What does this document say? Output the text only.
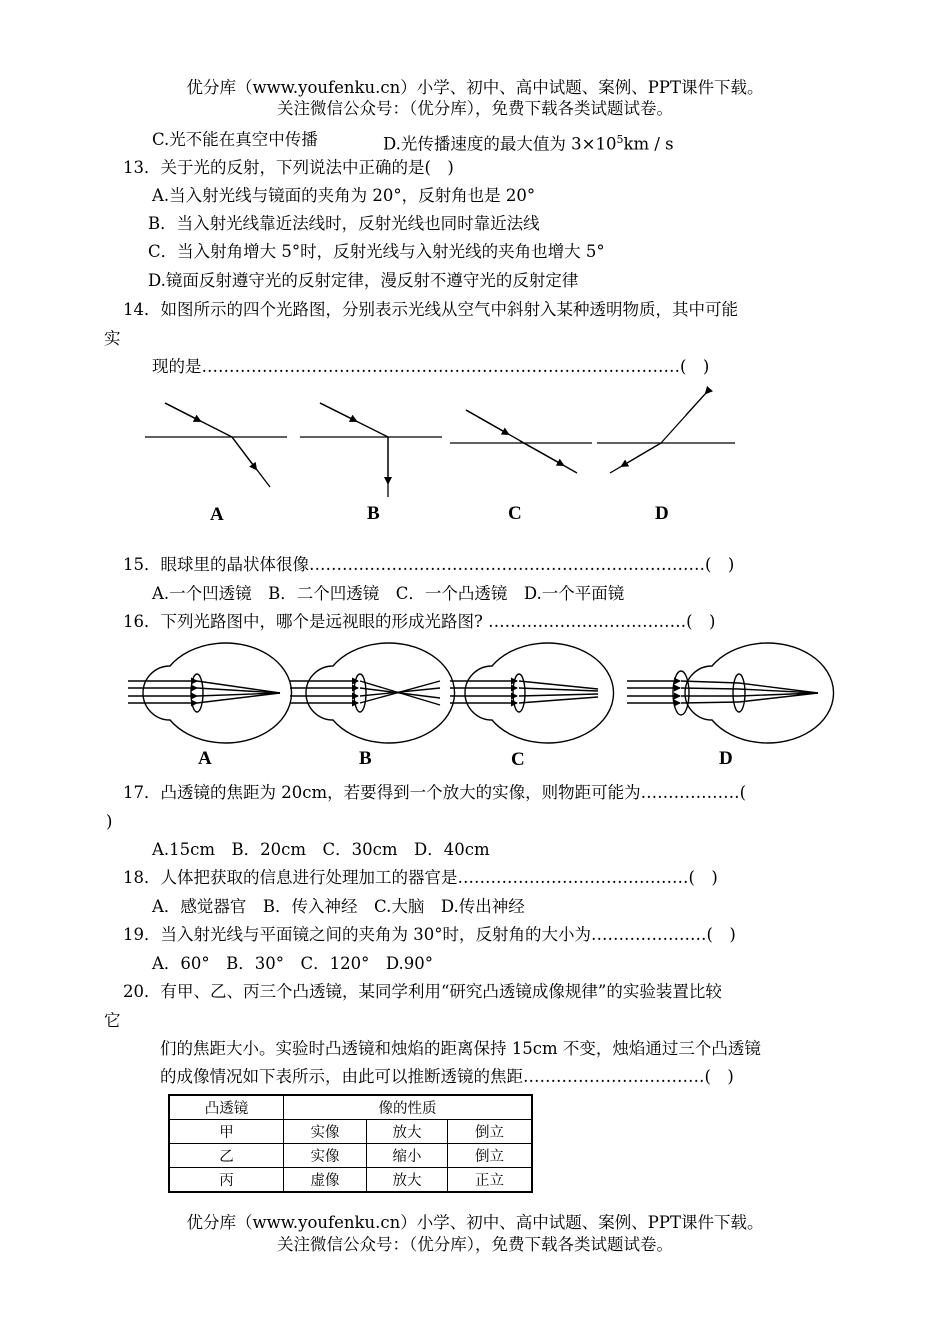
优分库（www.youfenku.cn）小学、初中、高中试题、案例、PPT课件下载。
关注微信公众号：（优分库），免费下载各类试题试卷。
C.光不能在真空中传播	D.光传播速度的最大值为 $3\times 10^5km / s$
13．关于光的反射，下列说法中正确的是(　)
A.当入射光线与镜面的夹角为 20°，反射角也是 20°
B．当入射光线靠近法线时，反射光线也同时靠近法线
C．当入射角增大 5°时，反射光线与入射光线的夹角也增大 5°
D.镜面反射遵守光的反射定律，漫反射不遵守光的反射定律
14．如图所示的四个光路图，分别表示光线从空气中斜射入某种透明物质，其中可能
实
现的是……………………………………………………………………………(　)
A	B	C	D
15．眼球里的晶状体很像………………………………………………………………(　)
A.一个凹透镜　B．二个凹透镜　C．一个凸透镜　D.一个平面镜
16．下列光路图中，哪个是远视眼的形成光路图? ………………………………(　)
A	B	C	D
17．凸透镜的焦距为 20cm，若要得到一个放大的实像，则物距可能为………………(
)
A.15cm　B．20cm　C．30cm　D．40cm
18．人体把获取的信息进行处理加工的器官是……………………………………(　)
A．感觉器官　B．传入神经　C.大脑　D.传出神经
19．当入射光线与平面镜之间的夹角为 30°时，反射角的大小为…………………(　)
A．60°　B．30°　C．120°　D.90°
20．有甲、乙、丙三个凸透镜，某同学利用“研究凸透镜成像规律”的实验装置比较
它
们的焦距大小。实验时凸透镜和烛焰的距离保持 15cm 不变，烛焰通过三个凸透镜
的成像情况如下表所示，由此可以推断透镜的焦距……………………………(　)
凸透镜	像的性质		
甲	实像	放大	倒立
乙	实像	缩小	倒立
丙	虚像	放大	正立
优分库（www.youfenku.cn）小学、初中、高中试题、案例、PPT课件下载。
关注微信公众号：（优分库），免费下载各类试题试卷。
